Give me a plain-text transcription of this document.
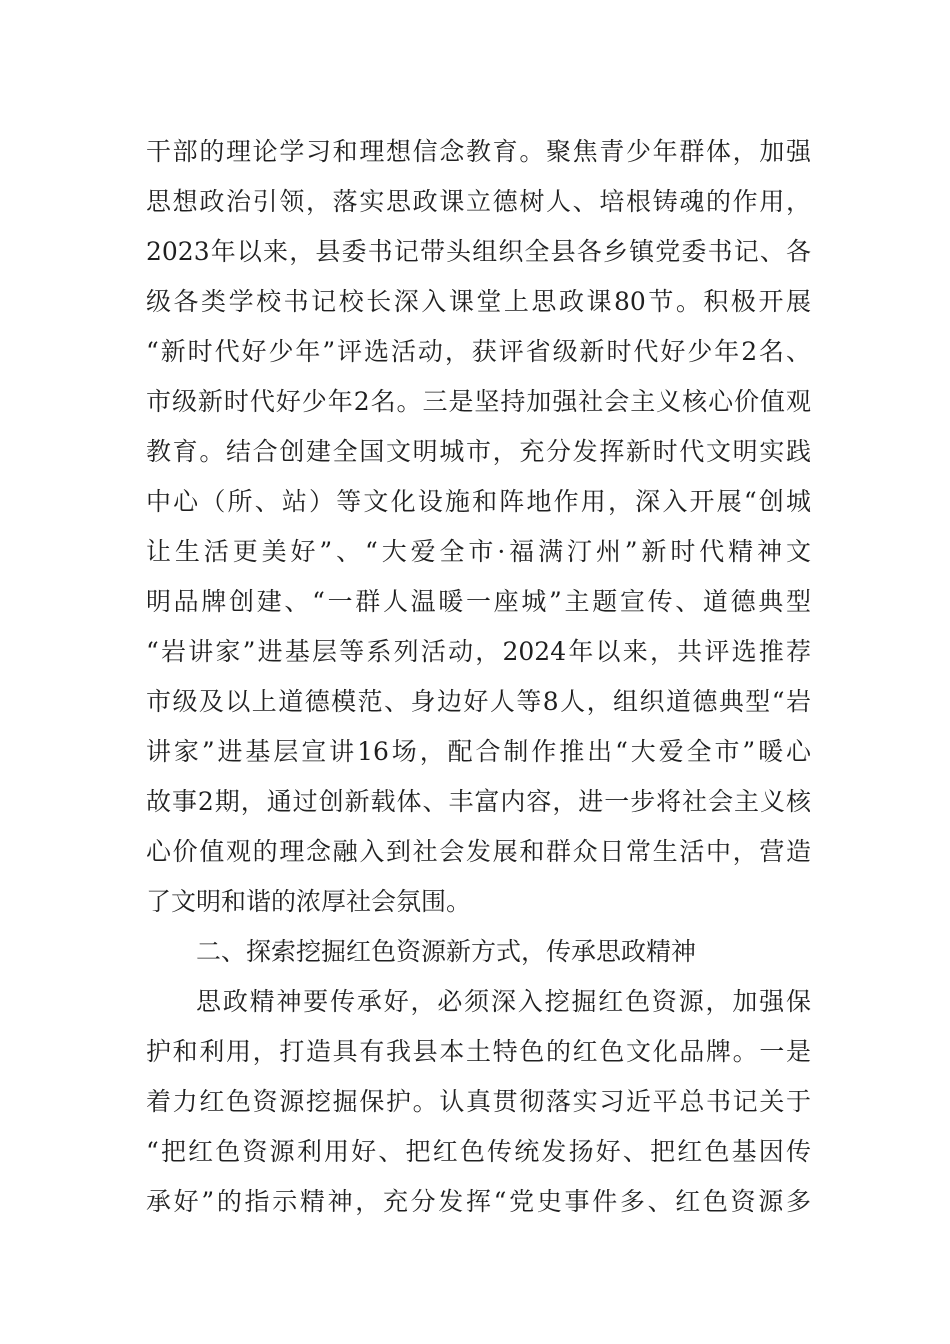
干部的理论学习和理想信念教育。聚焦青少年群体，加强
思想政治引领，落实思政课立德树人、培根铸魂的作用，
2023年以来，县委书记带头组织全县各乡镇党委书记、各
级各类学校书记校长深入课堂上思政课80节。积极开展
“新时代好少年”评选活动，获评省级新时代好少年2名、
市级新时代好少年2名。三是坚持加强社会主义核心价值观
教育。结合创建全国文明城市，充分发挥新时代文明实践
中心（所、站）等文化设施和阵地作用，深入开展“创城
让生活更美好”、“大爱全市·福满汀州”新时代精神文
明品牌创建、“一群人温暖一座城”主题宣传、道德典型
“岩讲家”进基层等系列活动，2024年以来，共评选推荐
市级及以上道德模范、身边好人等8人，组织道德典型“岩
讲家”进基层宣讲16场，配合制作推出“大爱全市”暖心
故事2期，通过创新载体、丰富内容，进一步将社会主义核
心价值观的理念融入到社会发展和群众日常生活中，营造
了文明和谐的浓厚社会氛围。
二、探索挖掘红色资源新方式，传承思政精神
思政精神要传承好，必须深入挖掘红色资源，加强保
护和利用，打造具有我县本土特色的红色文化品牌。一是
着力红色资源挖掘保护。认真贯彻落实习近平总书记关于
“把红色资源利用好、把红色传统发扬好、把红色基因传
承好”的指示精神，充分发挥“党史事件多、红色资源多
